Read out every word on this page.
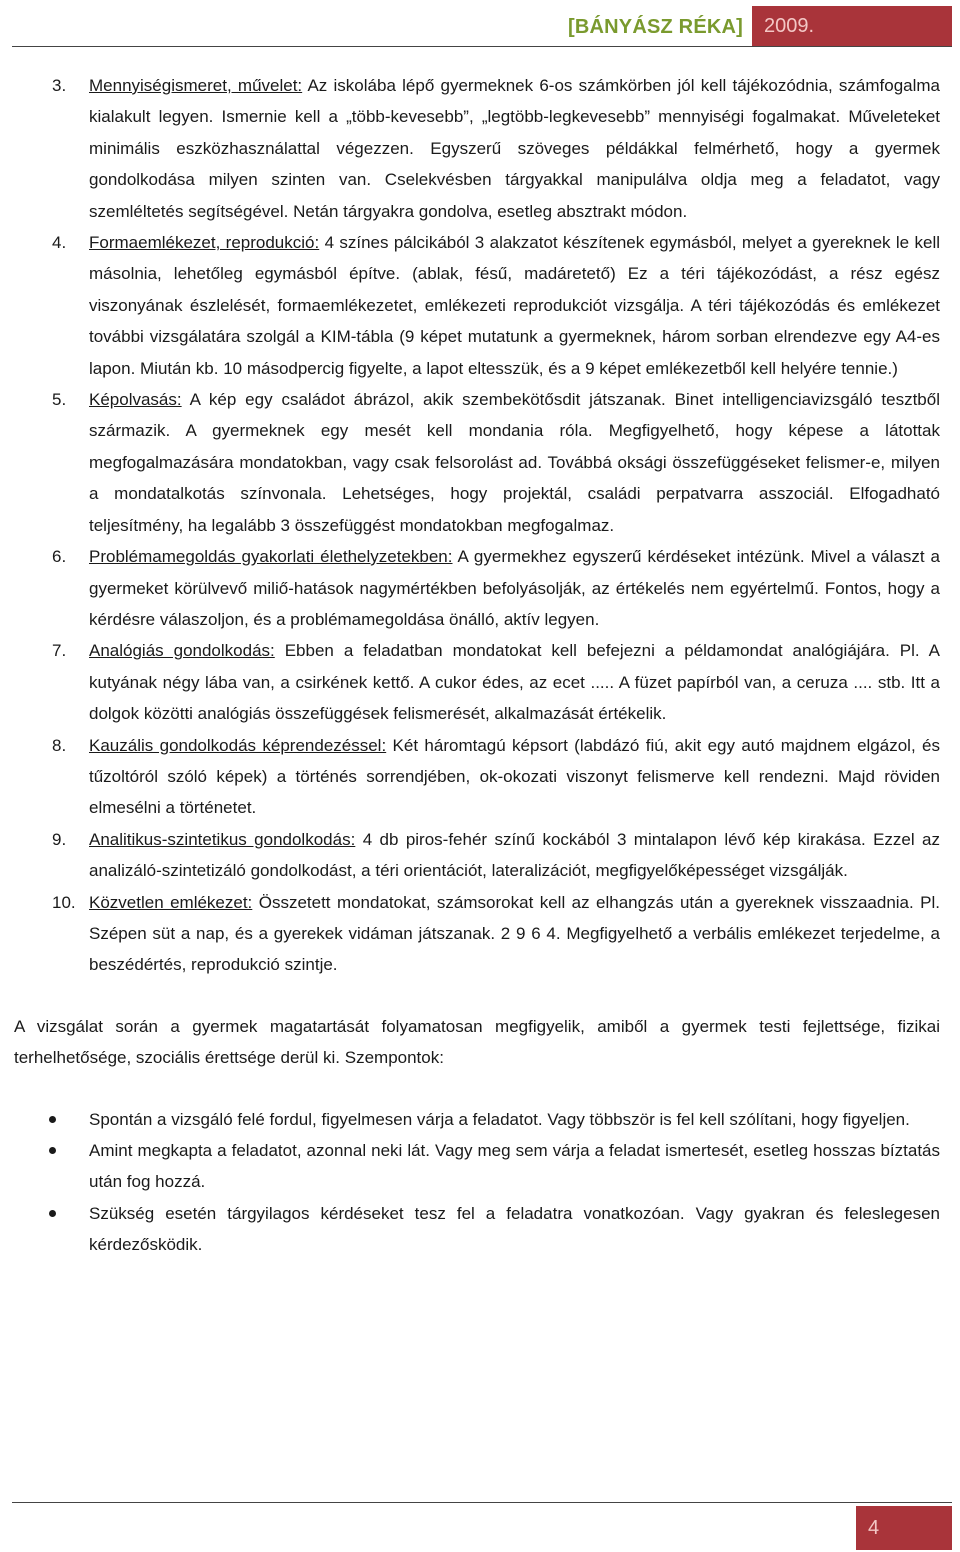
[BÁNYÁSZ RÉKA]	2009.
3. Mennyiségismeret, művelet: Az iskolába lépő gyermeknek 6-os számkörben jól kell tájékozódnia, számfogalma kialakult legyen. Ismernie kell a „több-kevesebb”, „legtöbb-legkevesebb” mennyiségi fogalmakat. Műveleteket minimális eszközhasználattal végezzen. Egyszerű szöveges példákkal felmérhető, hogy a gyermek gondolkodása milyen szinten van. Cselekvésben tárgyakkal manipulálva oldja meg a feladatot, vagy szemléltetés segítségével. Netán tárgyakra gondolva, esetleg absztrakt módon.
4. Formaemlékezet, reprodukció: 4 színes pálcikából 3 alakzatot készítenek egymásból, melyet a gyereknek le kell másolnia, lehetőleg egymásból építve. (ablak, fésű, madáretető) Ez a téri tájékozódást, a rész egész viszonyának észlelését, formaemlékezetet, emlékezeti reprodukciót vizsgálja. A téri tájékozódás és emlékezet további vizsgálatára szolgál a KIM-tábla (9 képet mutatunk a gyermeknek, három sorban elrendezve egy A4-es lapon. Miután kb. 10 másodpercig figyelte, a lapot eltesszük, és a 9 képet emlékezetből kell helyére tennie.)
5. Képolvasás: A kép egy családot ábrázol, akik szembekötősdit játszanak. Binet intelligenciavizsgáló tesztből származik. A gyermeknek egy mesét kell mondania róla. Megfigyelhető, hogy képese a látottak megfogalmazására mondatokban, vagy csak felsorolást ad. Továbbá oksági összefüggéseket felismer-e, milyen a mondatalkotás színvonala. Lehetséges, hogy projektál, családi perpatvarra asszociál. Elfogadható teljesítmény, ha legalább 3 összefüggést mondatokban megfogalmaz.
6. Problémamegoldás gyakorlati élethelyzetekben: A gyermekhez egyszerű kérdéseket intézünk. Mivel a választ a gyermeket körülvevő miliő-hatások nagymértékben befolyásolják, az értékelés nem egyértelmű. Fontos, hogy a kérdésre válaszoljon, és a problémamegoldása önálló, aktív legyen.
7. Analógiás gondolkodás: Ebben a feladatban mondatokat kell befejezni a példamondat analógiájára. Pl. A kutyának négy lába van, a csirkének kettő. A cukor édes, az ecet ..... A füzet papírból van, a ceruza .... stb. Itt a dolgok közötti analógiás összefüggések felismerését, alkalmazását értékelik.
8. Kauzális gondolkodás képrendezéssel: Két háromtagú képsort (labdázó fiú, akit egy autó majdnem elgázol, és tűzoltóról szóló képek) a történés sorrendjében, ok-okozati viszonyt felismerve kell rendezni. Majd röviden elmesélni a történetet.
9. Analitikus-szintetikus gondolkodás: 4 db piros-fehér színű kockából 3 mintalapon lévő kép kirakása. Ezzel az analizáló-szintetizáló gondolkodást, a téri orientációt, lateralizációt, megfigyelőképességet vizsgálják.
10. Közvetlen emlékezet: Összetett mondatokat, számsorokat kell az elhangzás után a gyereknek visszaadnia. Pl. Szépen süt a nap, és a gyerekek vidáman játszanak. 2 9 6 4. Megfigyelhető a verbális emlékezet terjedelme, a beszédértés, reprodukció szintje.

A vizsgálat során a gyermek magatartását folyamatosan megfigyelik, amiből a gyermek testi fejlettsége, fizikai terhelhetősége, szociális érettsége derül ki. Szempontok:

Spontán a vizsgáló felé fordul, figyelmesen várja a feladatot. Vagy többször is fel kell szólítani, hogy figyeljen.
Amint megkapta a feladatot, azonnal neki lát. Vagy meg sem várja a feladat ismertesét, esetleg hosszas bíztatás után fog hozzá.
Szükség esetén tárgyilagos kérdéseket tesz fel a feladatra vonatkozóan. Vagy gyakran és feleslegesen kérdezősködik.
4
